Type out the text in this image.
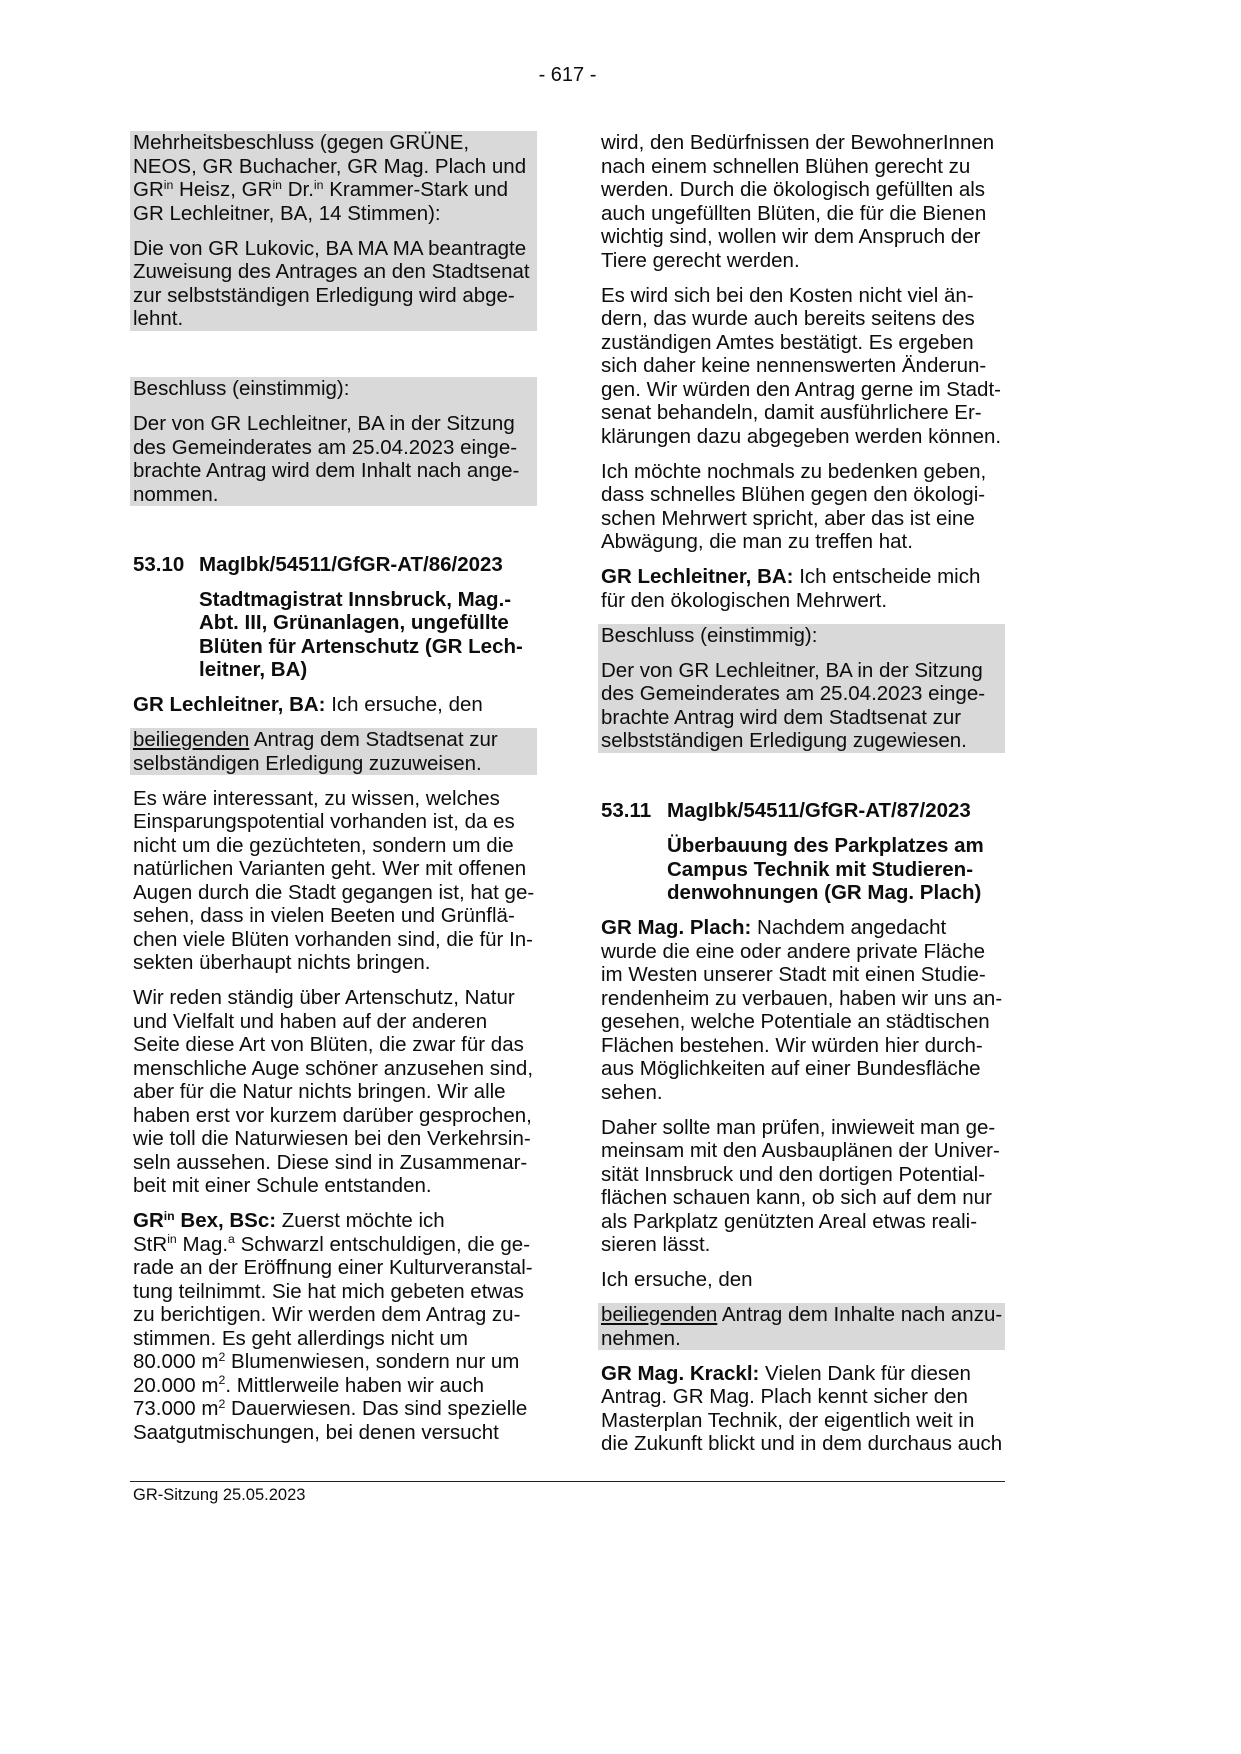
- 617 -

Mehrheitsbeschluss (gegen GRÜNE,
NEOS, GR Buchacher, GR Mag. Plach und
$GR^{in}$ Heisz, $GR^{in}$ Dr.$^{in}$ Krammer-Stark und
GR Lechleitner, BA, 14 Stimmen):

Die von GR Lukovic, BA MA MA beantragte
Zuweisung des Antrages an den Stadtsenat
zur selbstständigen Erledigung wird abge-
lehnt.

Beschluss (einstimmig):

Der von GR Lechleitner, BA in der Sitzung
des Gemeinderates am 25.04.2023 einge-
brachte Antrag wird dem Inhalt nach ange-
nommen.

53.10 MagIbk/54511/GfGR-AT/86/2023

Stadtmagistrat Innsbruck, Mag.-
Abt. III, Grünanlagen, ungefüllte
Blüten für Artenschutz (GR Lech-
leitner, BA)

GR Lechleitner, BA: Ich ersuche, den

beiliegenden Antrag dem Stadtsenat zur
selbständigen Erledigung zuzuweisen.

Es wäre interessant, zu wissen, welches
Einsparungspotential vorhanden ist, da es
nicht um die gezüchteten, sondern um die
natürlichen Varianten geht. Wer mit offenen
Augen durch die Stadt gegangen ist, hat ge-
sehen, dass in vielen Beeten und Grünflä-
chen viele Blüten vorhanden sind, die für In-
sekten überhaupt nichts bringen.

Wir reden ständig über Artenschutz, Natur
und Vielfalt und haben auf der anderen
Seite diese Art von Blüten, die zwar für das
menschliche Auge schöner anzusehen sind,
aber für die Natur nichts bringen. Wir alle
haben erst vor kurzem darüber gesprochen,
wie toll die Naturwiesen bei den Verkehrsin-
seln aussehen. Diese sind in Zusammenar-
beit mit einer Schule entstanden.

$GR^{in}$ Bex, BSc: Zuerst möchte ich
StR$^{in}$ Mag.$^a$ Schwarzl entschuldigen, die ge-
rade an der Eröffnung einer Kulturveranstal-
tung teilnimmt. Sie hat mich gebeten etwas
zu berichtigen. Wir werden dem Antrag zu-
stimmen. Es geht allerdings nicht um
80.000 $m^2$ Blumenwiesen, sondern nur um
20.000 $m^2$. Mittlerweile haben wir auch
73.000 $m^2$ Dauerwiesen. Das sind spezielle
Saatgutmischungen, bei denen versucht

wird, den Bedürfnissen der BewohnerInnen
nach einem schnellen Blühen gerecht zu
werden. Durch die ökologisch gefüllten als
auch ungefüllten Blüten, die für die Bienen
wichtig sind, wollen wir dem Anspruch der
Tiere gerecht werden.

Es wird sich bei den Kosten nicht viel än-
dern, das wurde auch bereits seitens des
zuständigen Amtes bestätigt. Es ergeben
sich daher keine nennenswerten Änderun-
gen. Wir würden den Antrag gerne im Stadt-
senat behandeln, damit ausführlichere Er-
klärungen dazu abgegeben werden können.

Ich möchte nochmals zu bedenken geben,
dass schnelles Blühen gegen den ökologi-
schen Mehrwert spricht, aber das ist eine
Abwägung, die man zu treffen hat.

GR Lechleitner, BA: Ich entscheide mich
für den ökologischen Mehrwert.

Beschluss (einstimmig):

Der von GR Lechleitner, BA in der Sitzung
des Gemeinderates am 25.04.2023 einge-
brachte Antrag wird dem Stadtsenat zur
selbstständigen Erledigung zugewiesen.

53.11 MagIbk/54511/GfGR-AT/87/2023

Überbauung des Parkplatzes am
Campus Technik mit Studieren-
denwohnungen (GR Mag. Plach)

GR Mag. Plach: Nachdem angedacht
wurde die eine oder andere private Fläche
im Westen unserer Stadt mit einen Studie-
rendenheim zu verbauen, haben wir uns an-
gesehen, welche Potentiale an städtischen
Flächen bestehen. Wir würden hier durch-
aus Möglichkeiten auf einer Bundesfläche
sehen.

Daher sollte man prüfen, inwieweit man ge-
meinsam mit den Ausbauplänen der Univer-
sität Innsbruck und den dortigen Potential-
flächen schauen kann, ob sich auf dem nur
als Parkplatz genützten Areal etwas reali-
sieren lässt.

Ich ersuche, den

beiliegenden Antrag dem Inhalte nach anzu-
nehmen.

GR Mag. Krackl: Vielen Dank für diesen
Antrag. GR Mag. Plach kennt sicher den
Masterplan Technik, der eigentlich weit in
die Zukunft blickt und in dem durchaus auch

GR-Sitzung 25.05.2023
